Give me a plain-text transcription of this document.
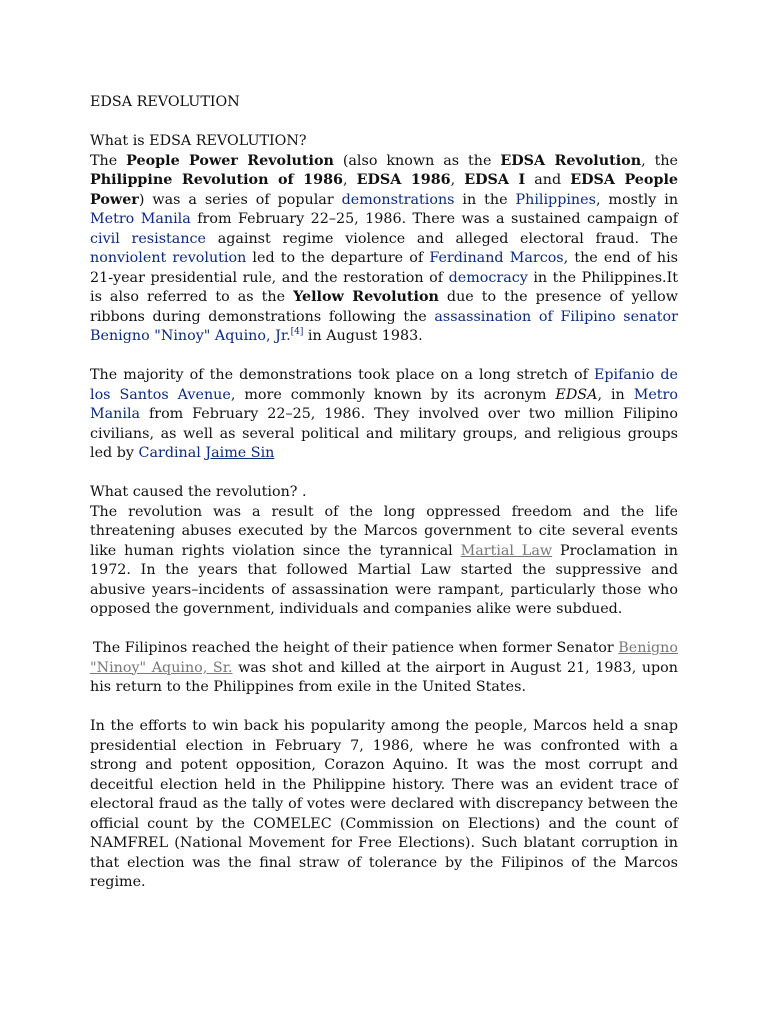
EDSA REVOLUTION

What is EDSA REVOLUTION?

The People Power Revolution (also known as the EDSA Revolution, the Philippine Revolution of 1986, EDSA 1986, EDSA I and EDSA People Power) was a series of popular demonstrations in the Philippines, mostly in Metro Manila from February 22–25, 1986. There was a sustained campaign of civil resistance against regime violence and alleged electoral fraud. The nonviolent revolution led to the departure of Ferdinand Marcos, the end of his 21-year presidential rule, and the restoration of democracy in the Philippines.It is also referred to as the Yellow Revolution due to the presence of yellow ribbons during demonstrations following the assassination of Filipino senator Benigno "Ninoy" Aquino, Jr.[4] in August 1983.

The majority of the demonstrations took place on a long stretch of Epifanio de los Santos Avenue, more commonly known by its acronym EDSA, in Metro Manila from February 22–25, 1986. They involved over two million Filipino civilians, as well as several political and military groups, and religious groups led by Cardinal Jaime Sin

What caused the revolution? .

The revolution was a result of the long oppressed freedom and the life threatening abuses executed by the Marcos government to cite several events like human rights violation since the tyrannical Martial Law Proclamation in 1972. In the years that followed Martial Law started the suppressive and abusive years–incidents of assassination were rampant, particularly those who opposed the government, individuals and companies alike were subdued.

The Filipinos reached the height of their patience when former Senator Benigno "Ninoy" Aquino, Sr. was shot and killed at the airport in August 21, 1983, upon his return to the Philippines from exile in the United States.

In the efforts to win back his popularity among the people, Marcos held a snap presidential election in February 7, 1986, where he was confronted with a strong and potent opposition, Corazon Aquino. It was the most corrupt and deceitful election held in the Philippine history. There was an evident trace of electoral fraud as the tally of votes were declared with discrepancy between the official count by the COMELEC (Commission on Elections) and the count of NAMFREL (National Movement for Free Elections). Such blatant corruption in that election was the final straw of tolerance by the Filipinos of the Marcos regime.
